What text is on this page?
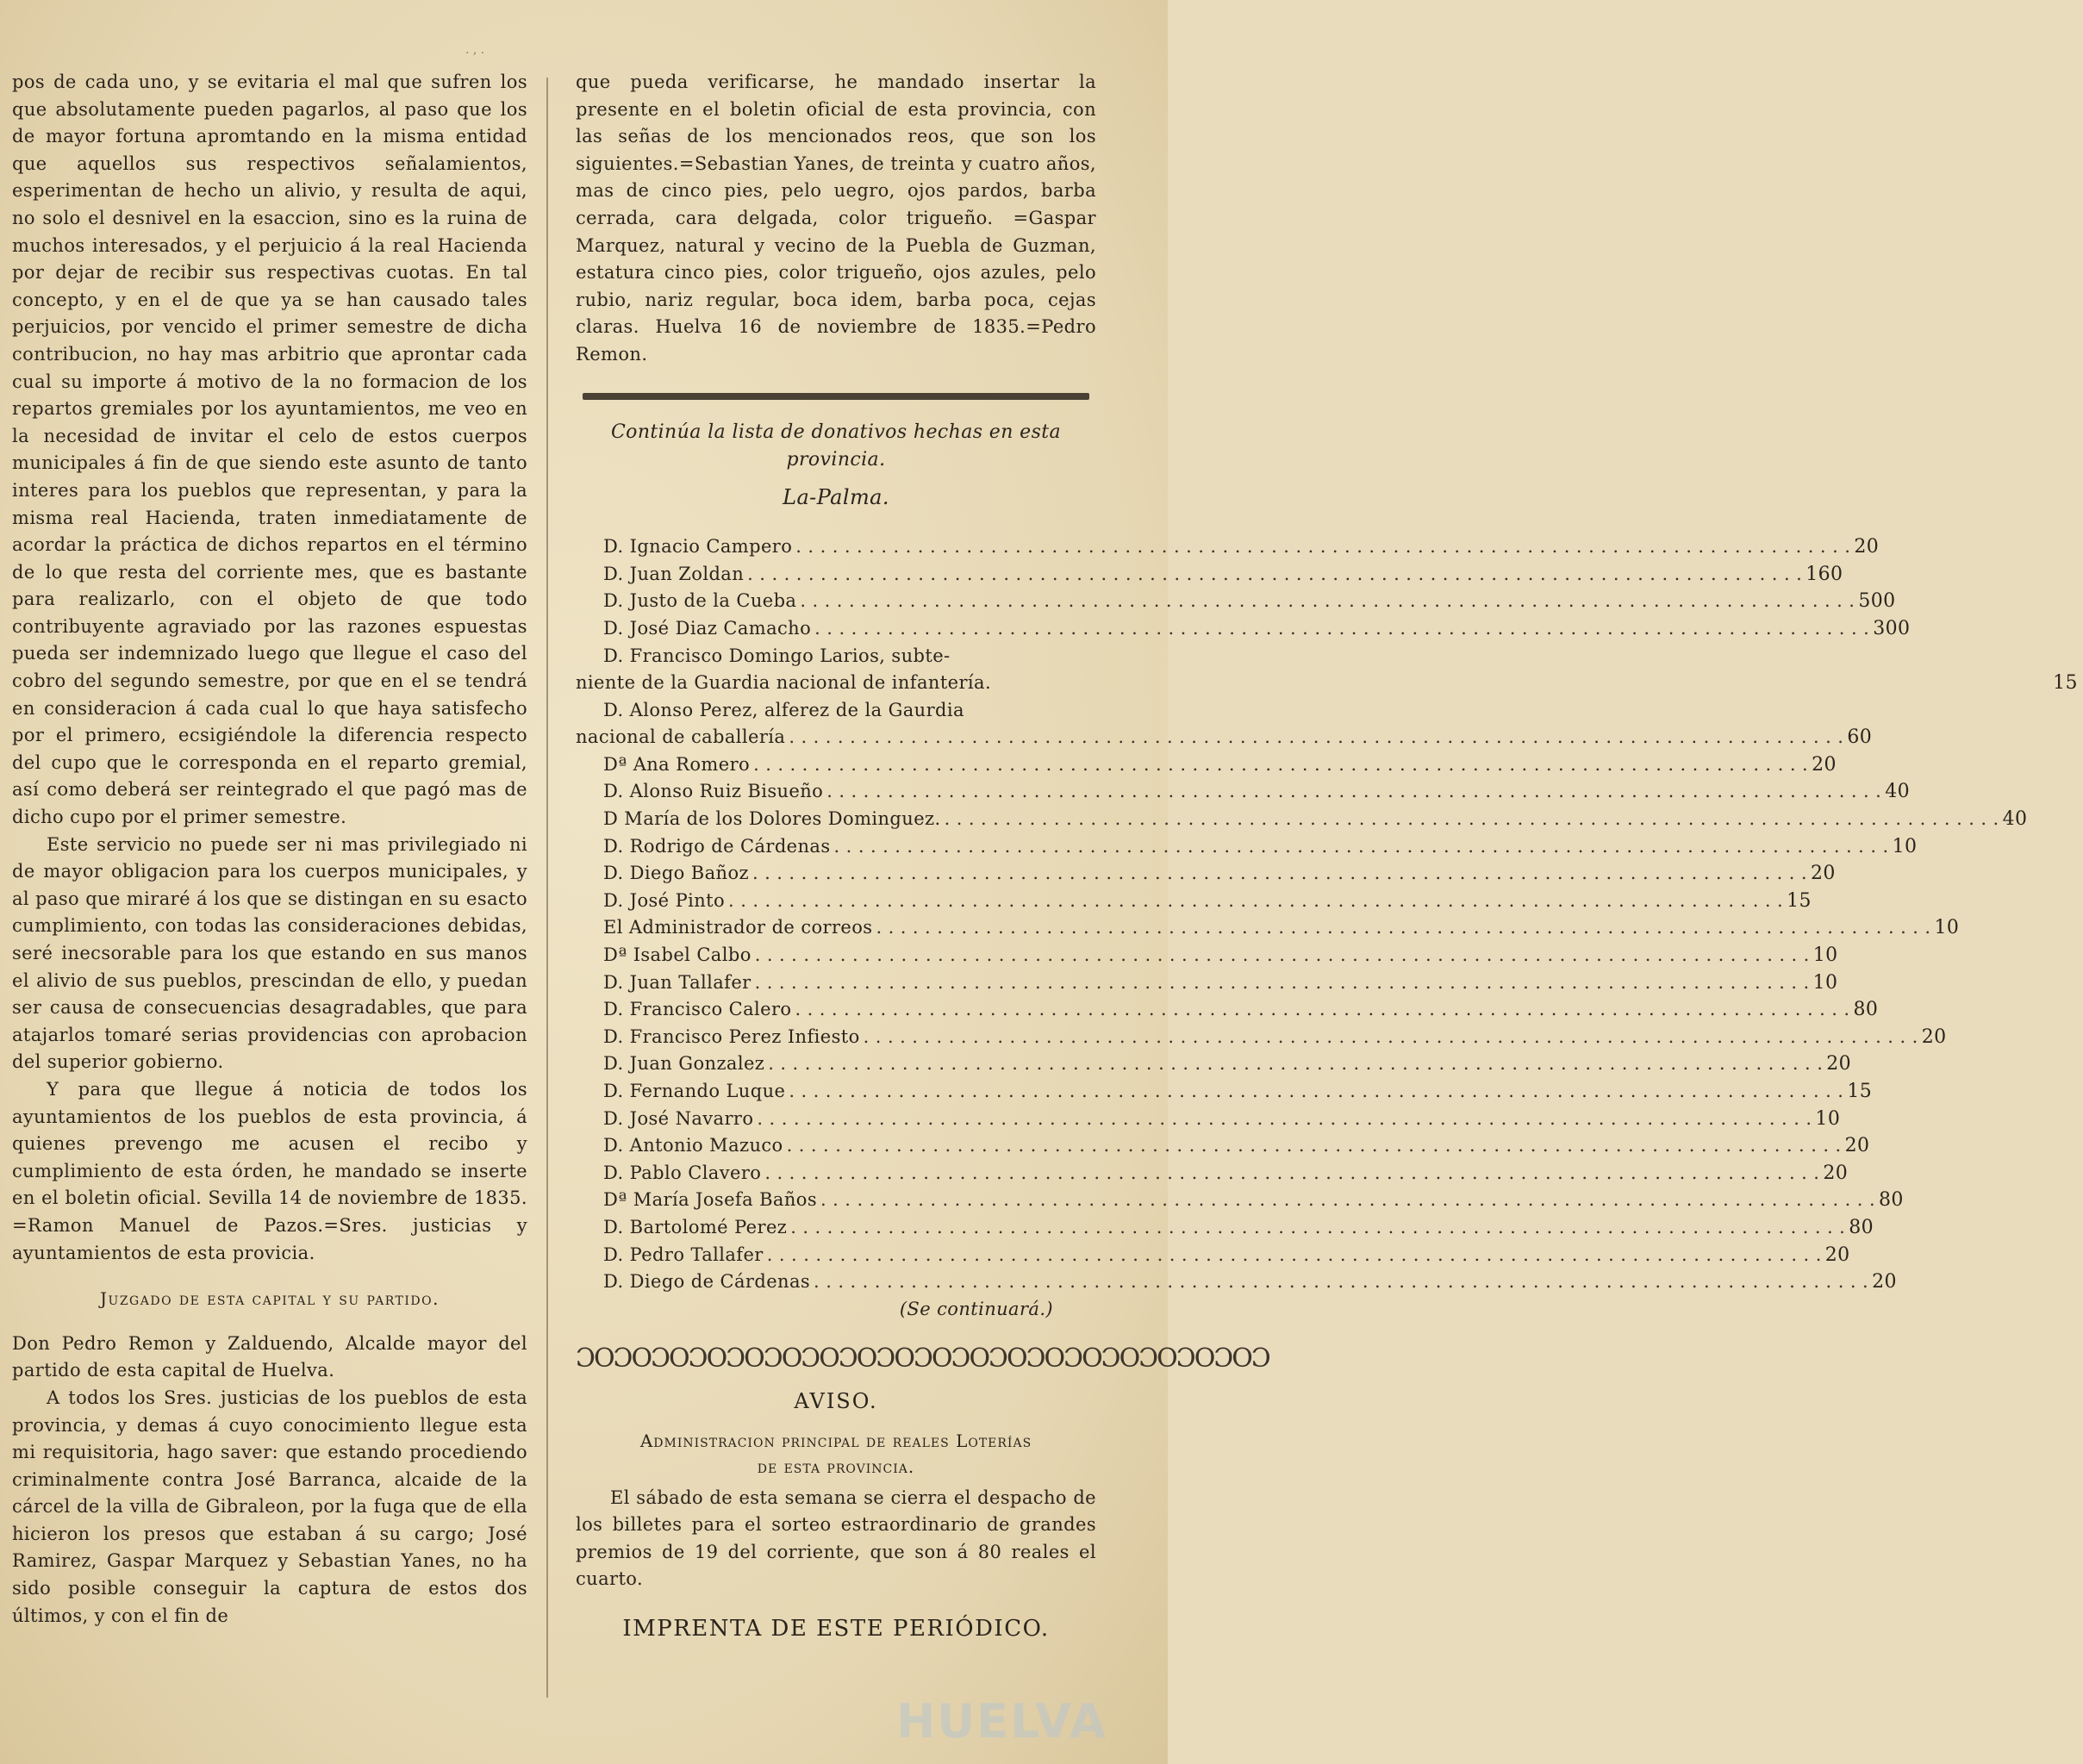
. , .

pos de cada uno, y se evitaria el mal que sufren los que absolutamente pueden pagarlos, al paso que los de mayor fortuna apromtando en la misma entidad que aquellos sus respectivos señalamientos, esperimentan de hecho un alivio, y resulta de aqui, no solo el desnivel en la esaccion, sino es la ruina de muchos interesados, y el perjuicio á la real Hacienda por dejar de recibir sus respectivas cuotas. En tal concepto, y en el de que ya se han causado tales perjuicios, por vencido el primer semestre de dicha contribucion, no hay mas arbitrio que aprontar cada cual su importe á motivo de la no formacion de los repartos gremiales por los ayuntamientos, me veo en la necesidad de invitar el celo de estos cuerpos municipales á fin de que siendo este asunto de tanto interes para los pueblos que representan, y para la misma real Hacienda, traten inmediatamente de acordar la práctica de dichos repartos en el término de lo que resta del corriente mes, que es bastante para realizarlo, con el objeto de que todo contribuyente agraviado por las razones espuestas pueda ser indemnizado luego que llegue el caso del cobro del segundo semestre, por que en el se tendrá en consideracion á cada cual lo que haya satisfecho por el primero, ecsigiéndole la diferencia respecto del cupo que le corresponda en el reparto gremial, así como deberá ser reintegrado el que pagó mas de dicho cupo por el primer semestre.

Este servicio no puede ser ni mas privilegiado ni de mayor obligacion para los cuerpos municipales, y al paso que miraré á los que se distingan en su esacto cumplimiento, con todas las consideraciones debidas, seré inecsorable para los que estando en sus manos el alivio de sus pueblos, prescindan de ello, y puedan ser causa de consecuencias desagradables, que para atajarlos tomaré serias providencias con aprobacion del superior gobierno.

Y para que llegue á noticia de todos los ayuntamientos de los pueblos de esta provincia, á quienes prevengo me acusen el recibo y cumplimiento de esta órden, he mandado se inserte en el boletin oficial. Sevilla 14 de noviembre de 1835. =Ramon Manuel de Pazos.=Sres. justicias y ayuntamientos de esta provicia.

Juzgado de esta capital y su partido.

Don Pedro Remon y Zalduendo, Alcalde mayor del partido de esta capital de Huelva.

A todos los Sres. justicias de los pueblos de esta provincia, y demas á cuyo conocimiento llegue esta mi requisitoria, hago saver: que estando procediendo criminalmente contra José Barranca, alcaide de la cárcel de la villa de Gibraleon, por la fuga que de ella hicieron los presos que estaban á su cargo; José Ramirez, Gaspar Marquez y Sebastian Yanes, no ha sido posible conseguir la captura de estos dos últimos, y con el fin de

que pueda verificarse, he mandado insertar la presente en el boletin oficial de esta provincia, con las señas de los mencionados reos, que son los siguientes.=Sebastian Yanes, de treinta y cuatro años, mas de cinco pies, pelo uegro, ojos pardos, barba cerrada, cara delgada, color trigueño. =Gaspar Marquez, natural y vecino de la Puebla de Guzman, estatura cinco pies, color trigueño, ojos azules, pelo rubio, nariz regular, boca idem, barba poca, cejas claras. Huelva 16 de noviembre de 1835.=Pedro Remon.

Continúa la lista de donativos hechas en esta provincia.
La-Palma.
D. Ignacio Campero . . .	20
D. Juan Zoldan . . .	160
D. Justo de la Cueba . . .	500
D. José Diaz Camacho . . .	300
D. Francisco Domingo Larios, subte-
niente de la Guardia nacional de infantería.	15
D. Alonso Perez, alferez de la Gaurdia
nacional de caballería . . .	60
Dª Ana Romero . . .	20
D. Alonso Ruiz Bisueño . . .	40
D María de los Dolores Dominguez. . . .	40
D. Rodrigo de Cárdenas . . .	10
D. Diego Bañoz . . .	20
D. José Pinto . . .	15
El Administrador de correos . . .	10
Dª Isabel Calbo . . .	10
D. Juan Tallafer . . .	10
D. Francisco Calero . . .	80
D. Francisco Perez Infiesto . . .	20
D. Juan Gonzalez . . .	20
D. Fernando Luque . . .	15
D. José Navarro . . .	10
D. Antonio Mazuco . . .	20
D. Pablo Clavero . . .	20
Dª María Josefa Baños . . .	80
D. Bartolomé Perez . . .	80
D. Pedro Tallafer . . .	20
D. Diego de Cárdenas . . .	20
(Se continuará.)
ƆOƆOƆOƆOƆOƆOƆOƆOƆOƆOƆOƆOƆOƆOƆOƆOƆOƆOƆ
AVISO.
Administracion principal de reales Loterías
de esta provincia.

El sábado de esta semana se cierra el despacho de los billetes para el sorteo estraordinario de grandes premios de 19 del corriente, que son á 80 reales el cuarto.

IMPRENTA DE ESTE PERIÓDICO.
HUELVA
